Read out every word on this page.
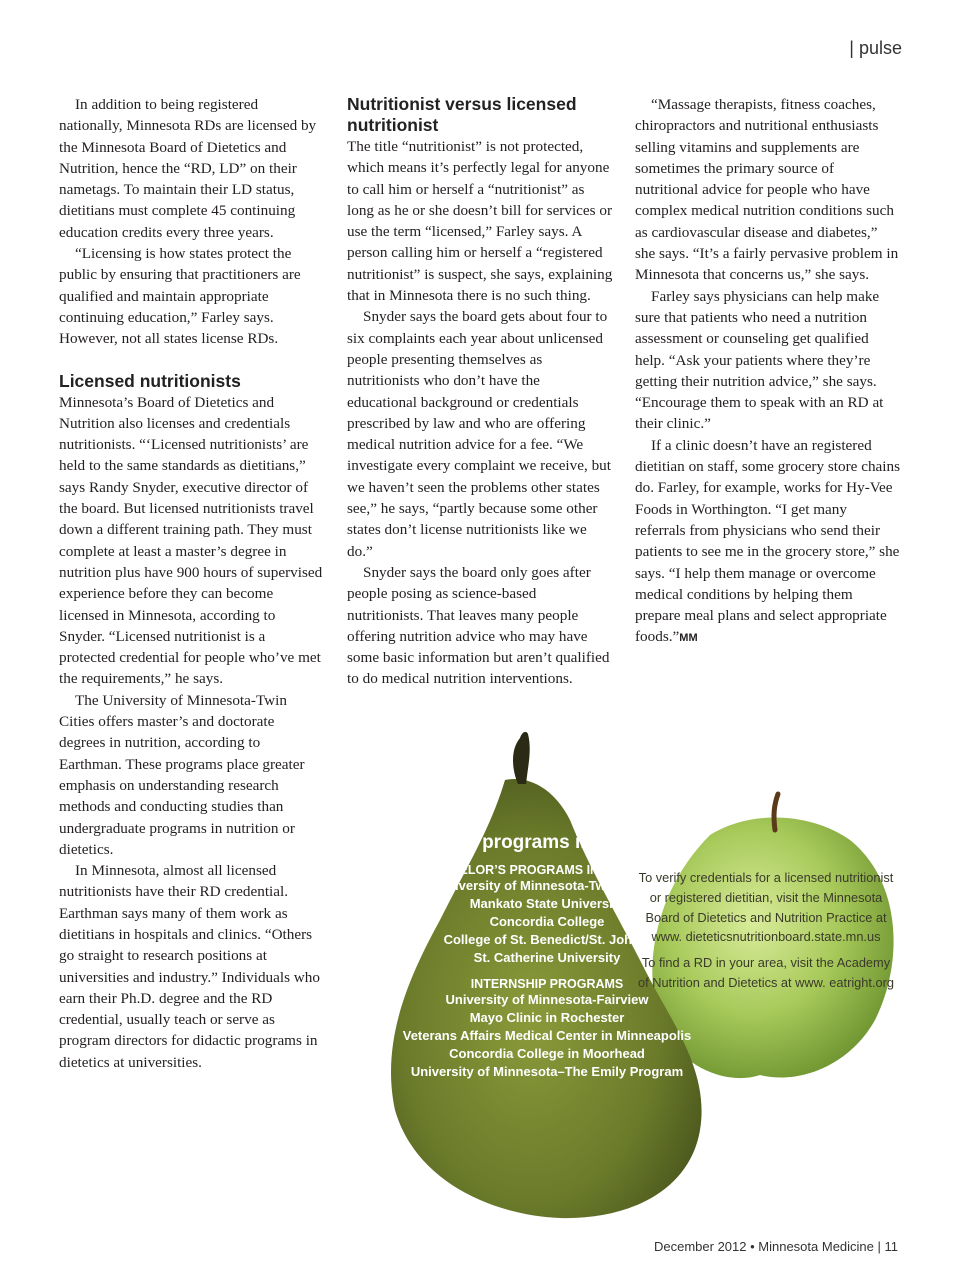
| pulse

In addition to being registered nationally, Minnesota RDs are licensed by the Minnesota Board of Dietetics and Nutrition, hence the “RD, LD” on their nametags. To maintain their LD status, dietitians must complete 45 continuing education credits every three years.

“Licensing is how states protect the public by ensuring that practitioners are qualified and maintain appropriate continuing education,” Farley says. However, not all states license RDs.

Licensed nutritionists

Minnesota’s Board of Dietetics and Nutrition also licenses and credentials nutritionists. “‘Licensed nutritionists’ are held to the same standards as dietitians,” says Randy Snyder, executive director of the board. But licensed nutritionists travel down a different training path. They must complete at least a master’s degree in nutrition plus have 900 hours of supervised experience before they can become licensed in Minnesota, according to Snyder. “Licensed nutritionist is a protected credential for people who’ve met the requirements,” he says.

The University of Minnesota-Twin Cities offers master’s and doctorate degrees in nutrition, according to Earthman. These programs place greater emphasis on understanding research methods and conducting studies than undergraduate programs in nutrition or dietetics.

In Minnesota, almost all licensed nutritionists have their RD credential. Earthman says many of them work as dietitians in hospitals and clinics. “Others go straight to research positions at universities and industry.” Individuals who earn their Ph.D. degree and the RD credential, usually teach or serve as program directors for didactic programs in dietetics at universities.

Nutritionist versus licensed nutritionist

The title “nutritionist” is not protected, which means it’s perfectly legal for anyone to call him or herself a “nutritionist” as long as he or she doesn’t bill for services or use the term “licensed,” Farley says. A person calling him or herself a “registered nutritionist” is suspect, she says, explaining that in Minnesota there is no such thing.

Snyder says the board gets about four to six complaints each year about unlicensed people presenting themselves as nutritionists who don’t have the educational background or credentials prescribed by law and who are offering medical nutrition advice for a fee. “We investigate every complaint we receive, but we haven’t seen the problems other states see,” he says, “partly because some other states don’t license nutritionists like we do.”

Snyder says the board only goes after people posing as science-based nutritionists. That leaves many people offering nutrition advice who may have some basic information but aren’t qualified to do medical nutrition interventions.

“Massage therapists, fitness coaches, chiropractors and nutritional enthusiasts selling vitamins and supplements are sometimes the primary source of nutritional advice for people who have complex medical nutrition conditions such as cardiovascular disease and diabetes,” she says. “It’s a fairly pervasive problem in Minnesota that concerns us,” she says.

Farley says physicians can help make sure that patients who need a nutrition assessment or counseling get qualified help. “Ask your patients where they’re getting their nutrition advice,” she says. “Encourage them to speak with an RD at their clinic.”

If a clinic doesn’t have an registered dietitian on staff, some grocery store chains do. Farley, for example, works for Hy-Vee Foods in Worthington. “I get many referrals from physicians who send their patients to see me in the grocery store,” she says. “I help them manage or overcome medical conditions by helping them prepare meal plans and select appropriate foods.”MM

Training programs in Minnesota
BACHELOR’S PROGRAMS IN NUTRITION
University of Minnesota-Twin Cities
Mankato State University
Concordia College
College of St. Benedict/St. John’s
St. Catherine University
INTERNSHIP PROGRAMS
University of Minnesota-Fairview
Mayo Clinic in Rochester
Veterans Affairs Medical Center in Minneapolis
Concordia College in Moorhead
University of Minnesota–The Emily Program

To verify credentials for a licensed nutritionist or registered dietitian, visit the Minnesota Board of Dietetics and Nutrition Practice at www. dieteticsnutritionboard.state.mn.us

To find a RD in your area, visit the Academy of Nutrition and Dietetics at www. eatright.org

December 2012 • Minnesota Medicine | 11
